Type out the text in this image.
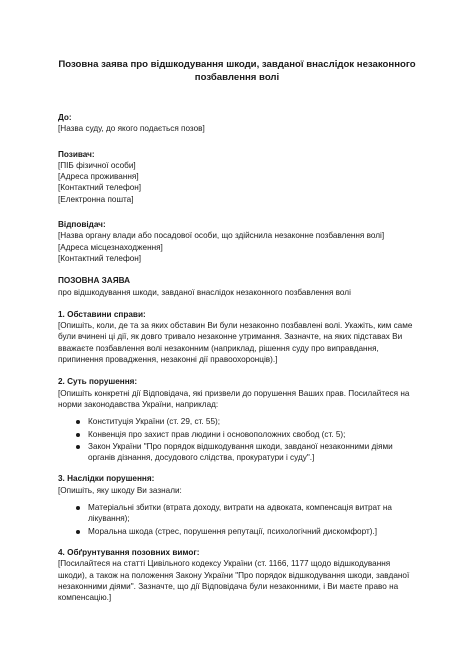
Позовна заява про відшкодування шкоди, завданої внаслідок незаконного позбавлення волі
До:
[Назва суду, до якого подається позов]
Позивач:
[ПІБ фізичної особи]
[Адреса проживання]
[Контактний телефон]
[Електронна пошта]
Відповідач:
[Назва органу влади або посадової особи, що здійснила незаконне позбавлення волі]
[Адреса місцезнаходження]
[Контактний телефон]
ПОЗОВНА ЗАЯВА
про відшкодування шкоди, завданої внаслідок незаконного позбавлення волі
1. Обставини справи:
[Опишіть, коли, де та за яких обставин Ви були незаконно позбавлені волі. Укажіть, ким саме були вчинені ці дії, як довго тривало незаконне утримання. Зазначте, на яких підставах Ви вважаєте позбавлення волі незаконним (наприклад, рішення суду про виправдання, припинення провадження, незаконні дії правоохоронців).]
2. Суть порушення:
[Опишіть конкретні дії Відповідача, які призвели до порушення Ваших прав. Посилайтеся на норми законодавства України, наприклад:
Конституція України (ст. 29, ст. 55);
Конвенція про захист прав людини і основоположних свобод (ст. 5);
Закон України "Про порядок відшкодування шкоди, завданої незаконними діями органів дізнання, досудового слідства, прокуратури і суду".]
3. Наслідки порушення:
[Опишіть, яку шкоду Ви зазнали:
Матеріальні збитки (втрата доходу, витрати на адвоката, компенсація витрат на лікування);
Моральна шкода (стрес, порушення репутації, психологічний дискомфорт).]
4. Обґрунтування позовних вимог:
[Посилайтеся на статті Цивільного кодексу України (ст. 1166, 1177 щодо відшкодування шкоди), а також на положення Закону України "Про порядок відшкодування шкоди, завданої незаконними діями". Зазначте, що дії Відповідача були незаконними, і Ви маєте право на компенсацію.]
